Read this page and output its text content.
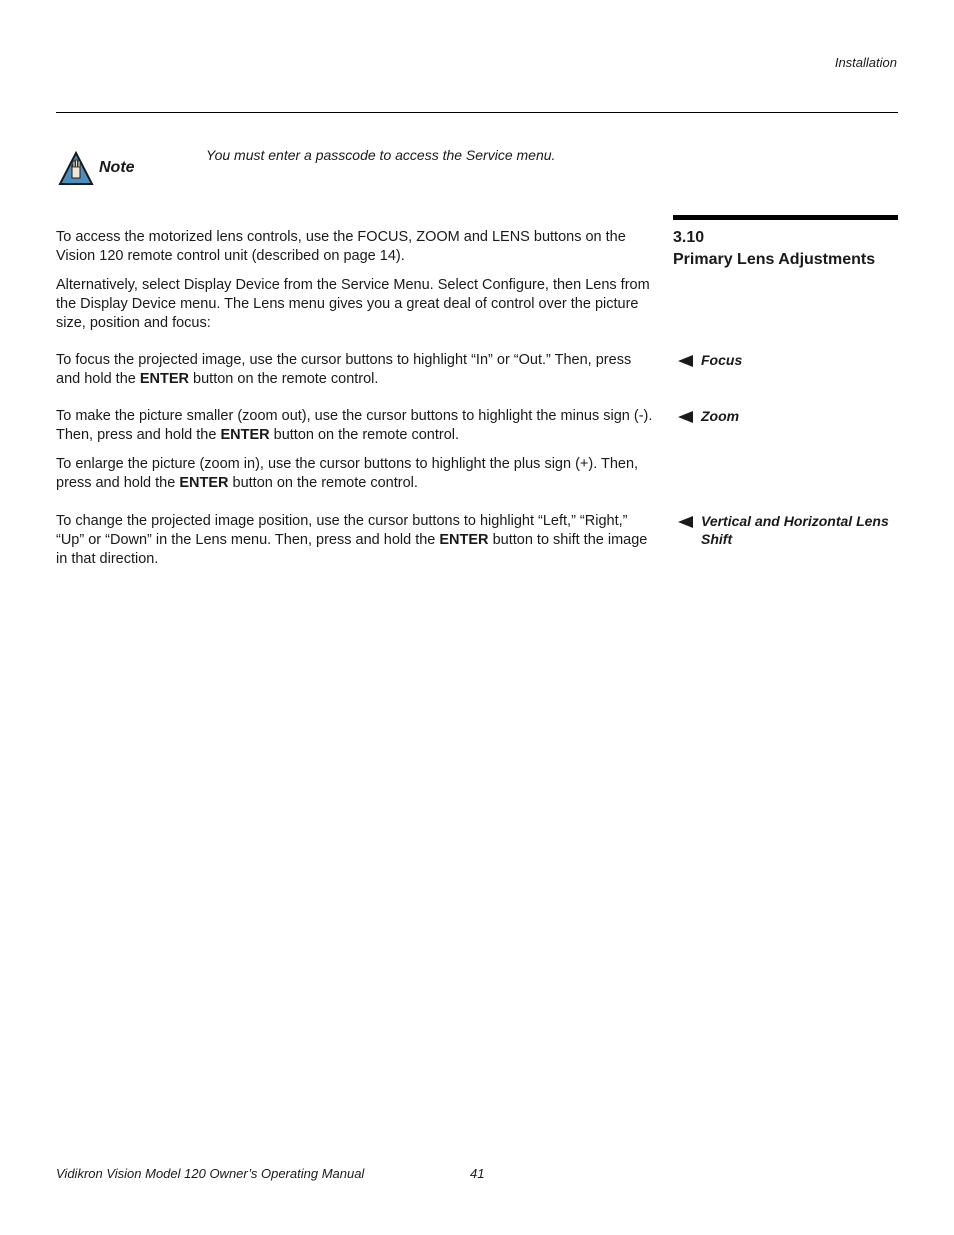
Installation
Note
You must enter a passcode to access the Service menu.
3.10
Primary Lens Adjustments

To access the motorized lens controls, use the FOCUS, ZOOM and LENS buttons on the Vision 120 remote control unit (described on page 14).

Alternatively, select Display Device from the Service Menu. Select Configure, then Lens from the Display Device menu. The Lens menu gives you a great deal of control over the picture size, position and focus:

Focus

To focus the projected image, use the cursor buttons to highlight “In” or “Out.” Then, press and hold the ENTER button on the remote control.

Zoom

To make the picture smaller (zoom out), use the cursor buttons to highlight the minus sign (-). Then, press and hold the ENTER button on the remote control.

To enlarge the picture (zoom in), use the cursor buttons to highlight the plus sign (+). Then, press and hold the ENTER button on the remote control.

Vertical and Horizontal Lens Shift

To change the projected image position, use the cursor buttons to highlight “Left,” “Right,” “Up” or “Down” in the Lens menu. Then, press and hold the ENTER button to shift the image in that direction.

Vidikron Vision Model 120 Owner’s Operating Manual	41
